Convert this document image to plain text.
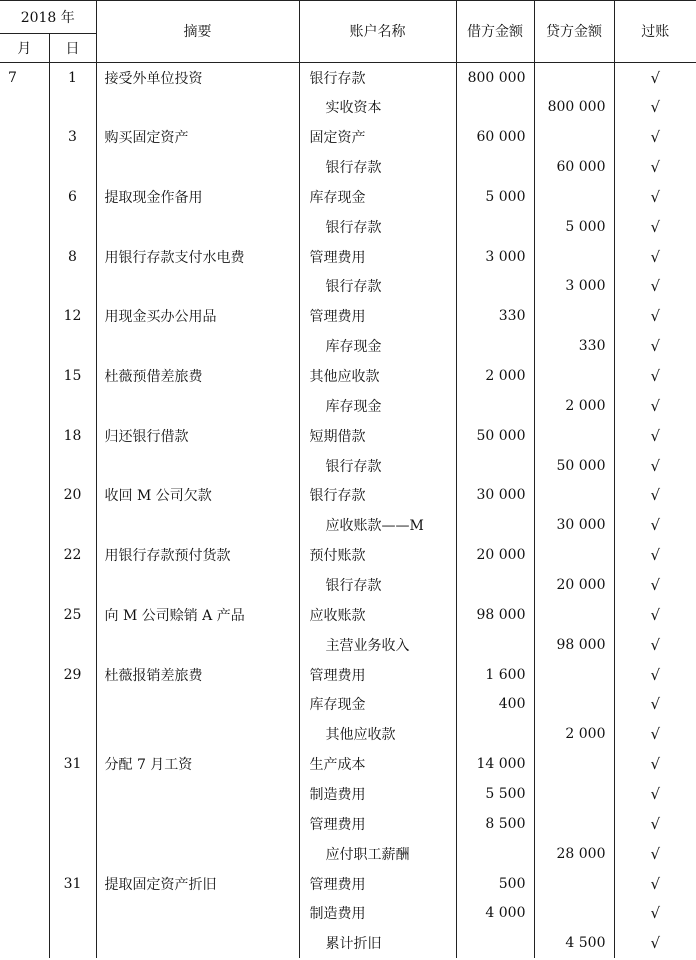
2018 年		摘要	账户名称	借方金额	贷方金额	过账
月	日					
7	1	接受外单位投资	银行存款	800 000		√
			实收资本		800 000	√
	3	购买固定资产	固定资产	60 000		√
			银行存款		60 000	√
	6	提取现金作备用	库存现金	5 000		√
			银行存款		5 000	√
	8	用银行存款支付水电费	管理费用	3 000		√
			银行存款		3 000	√
	12	用现金买办公用品	管理费用	330		√
			库存现金		330	√
	15	杜薇预借差旅费	其他应收款	2 000		√
			库存现金		2 000	√
	18	归还银行借款	短期借款	50 000		√
			银行存款		50 000	√
	20	收回 M 公司欠款	银行存款	30 000		√
			应收账款——M		30 000	√
	22	用银行存款预付货款	预付账款	20 000		√
			银行存款		20 000	√
	25	向 M 公司赊销 A 产品	应收账款	98 000		√
			主营业务收入		98 000	√
	29	杜薇报销差旅费	管理费用	1 600		√
			库存现金	400		√
			其他应收款		2 000	√
	31	分配 7 月工资	生产成本	14 000		√
			制造费用	5 500		√
			管理费用	8 500		√
			应付职工薪酬		28 000	√
	31	提取固定资产折旧	管理费用	500		√
			制造费用	4 000		√
			累计折旧		4 500	√
